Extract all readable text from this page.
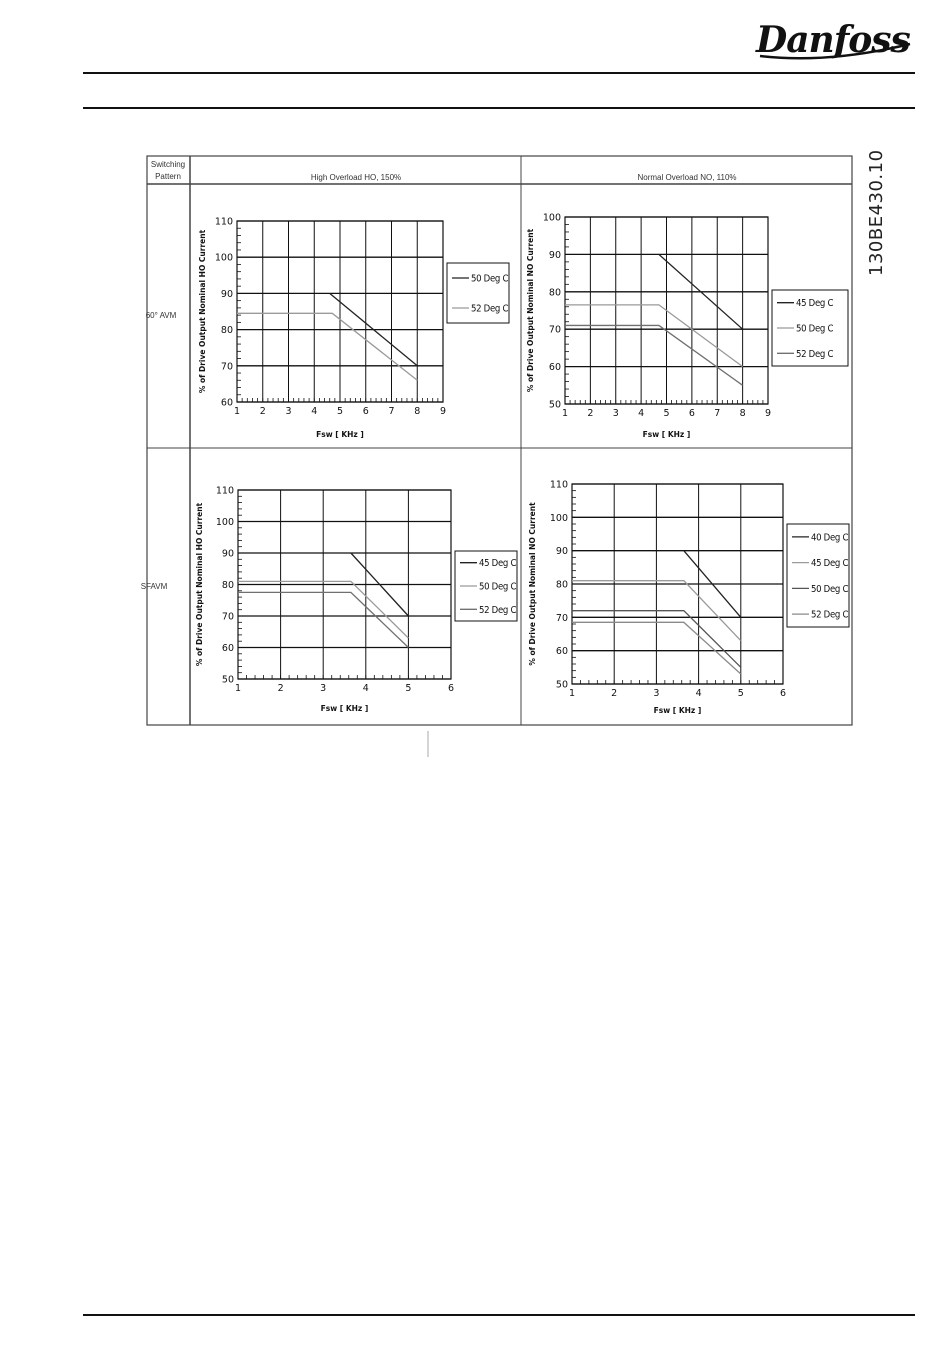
Danfoss
130BE430.10
Switching
Pattern	High Overload HO, 150%	Normal Overload NO, 110%
60° AVM
SFAVM
1 2 3 4 5 6 7 8 9
60
70
80
90
100
110
Fsw [ KHz ]
% of Drive Output Nominal HO Current	50 Deg C
52 Deg C
1 2 3 4 5 6 7 8 9
50
60
70
80
90
100
Fsw [ KHz ]
% of Drive Output Nominal NO Current	45 Deg C
50 Deg C
52 Deg C
1	2	3	4	5	6
50
60
70
80
90
100
110
Fsw [ KHz ]
% of Drive Output Nominal HO Current	45 Deg C
50 Deg C
52 Deg C
1	2	3	4	5	6
50
60
70
80
90
100
110
Fsw [ KHz ]
% of Drive Output Nominal NO Current	40 Deg C
45 Deg C
50 Deg C
52 Deg C
